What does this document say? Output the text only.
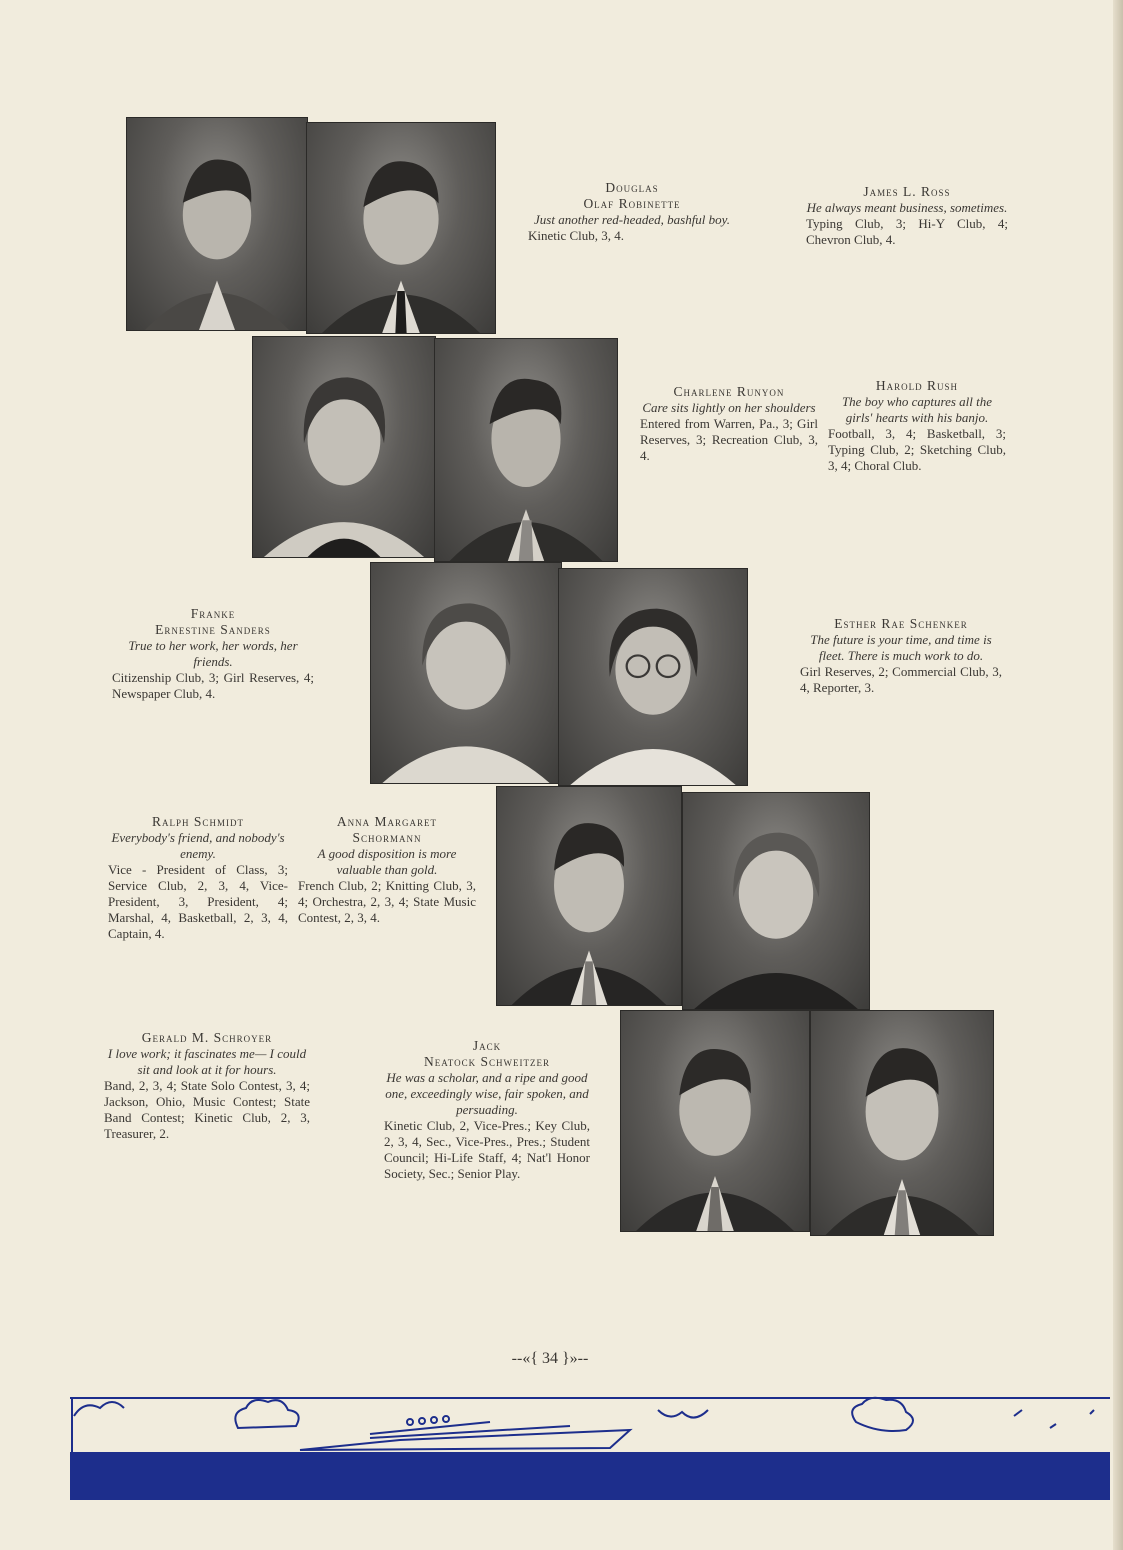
Douglas
Olaf Robinette
Just another red-headed, bashful boy.
Kinetic Club, 3, 4.
James L. Ross
He always meant business, sometimes.
Typing Club, 3; Hi-Y Club, 4; Chevron Club, 4.
Charlene Runyon
Care sits lightly on her shoulders
Entered from Warren, Pa., 3; Girl Reserves, 3; Recreation Club, 3, 4.
Harold Rush
The boy who captures all the girls' hearts with his banjo.
Football, 3, 4; Basketball, 3; Typing Club, 2; Sketching Club, 3, 4; Choral Club.
Franke
Ernestine Sanders
True to her work, her words, her friends.
Citizenship Club, 3; Girl Reserves, 4; Newspaper Club, 4.
Esther Rae Schenker
The future is your time, and time is fleet. There is much work to do.
Girl Reserves, 2; Commercial Club, 3, 4, Reporter, 3.
Ralph Schmidt
Everybody's friend, and nobody's enemy.
Vice - President of Class, 3; Service Club, 2, 3, 4, Vice-President, 3, President, 4; Marshal, 4, Basketball, 2, 3, 4, Captain, 4.
Anna Margaret
Schormann
A good disposition is more valuable than gold.
French Club, 2; Knitting Club, 3, 4; Orchestra, 2, 3, 4; State Music Contest, 2, 3, 4.
Gerald M. Schroyer
I love work; it fascinates me— I could sit and look at it for hours.
Band, 2, 3, 4; State Solo Contest, 3, 4; Jackson, Ohio, Music Contest; State Band Contest; Kinetic Club, 2, 3, Treasurer, 2.
Jack
Neatock Schweitzer
He was a scholar, and a ripe and good one, exceedingly wise, fair spoken, and persuading.
Kinetic Club, 2, Vice-Pres.; Key Club, 2, 3, 4, Sec., Vice-Pres., Pres.; Student Council; Hi-Life Staff, 4; Nat'l Honor Society, Sec.; Senior Play.
--«{ 34 }»--
